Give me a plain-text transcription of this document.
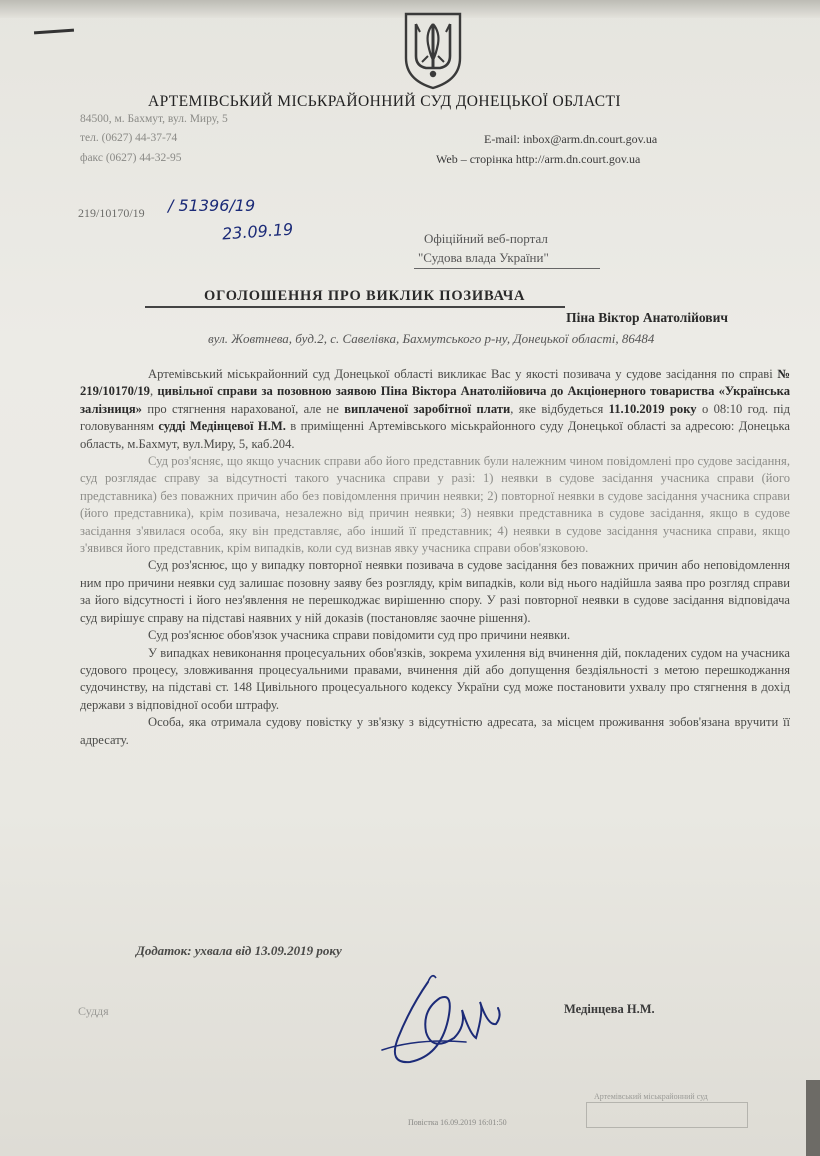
АРТЕМІВСЬКИЙ МІСЬКРАЙОННИЙ СУД ДОНЕЦЬКОЇ ОБЛАСТІ
84500, м. Бахмут, вул. Миру, 5
тел. (0627) 44-37-74
факс (0627) 44-32-95
E-mail: inbox@arm.dn.court.gov.ua
Web – сторінка http://arm.dn.court.gov.ua
219/10170/19 / 51396/19
23.09.19	Офіційний веб-портал
"Судова влада України"
ОГОЛОШЕННЯ ПРО ВИКЛИК ПОЗИВАЧА
Піна Віктор Анатолійович
вул. Жовтнева, буд.2, с. Савелівка, Бахмутського р-ну, Донецької області, 86484

Артемівський міськрайонний суд Донецької області викликає Вас у якості позивача у судове засідання по справі № 219/10170/19, цивільної справи за позовною заявою Піна Віктора Анатолійовича до Акціонерного товариства «Українська залізниця» про стягнення нарахованої, але не виплаченої заробітної плати, яке відбудеться 11.10.2019 року о 08:10 год. під головуванням судді Медінцевої Н.М. в приміщенні Артемівського міськрайонного суду Донецької області за адресою: Донецька область, м.Бахмут, вул.Миру, 5, каб.204.

Суд роз'ясняє, що якщо учасник справи або його представник були належним чином повідомлені про судове засідання, суд розглядає справу за відсутності такого учасника справи у разі: 1) неявки в судове засідання учасника справи (його представника) без поважних причин або без повідомлення причин неявки; 2) повторної неявки в судове засідання учасника справи (його представника), крім позивача, незалежно від причин неявки; 3) неявки представника в судове засідання, якщо в судове засідання з'явилася особа, яку він представляє, або інший її представник; 4) неявки в судове засідання учасника справи, якщо з'явився його представник, крім випадків, коли суд визнав явку учасника справи обов'язковою.

Суд роз'яснює, що у випадку повторної неявки позивача в судове засідання без поважних причин або неповідомлення ним про причини неявки суд залишає позовну заяву без розгляду, крім випадків, коли від нього надійшла заява про розгляд справи за його відсутності і його нез'явлення не перешкоджає вирішенню спору. У разі повторної неявки в судове засідання відповідача суд вирішує справу на підставі наявних у ній доказів (постановляє заочне рішення).

Суд роз'яснює обов'язок учасника справи повідомити суд про причини неявки.

У випадках невиконання процесуальних обов'язків, зокрема ухилення від вчинення дій, покладених судом на учасника судового процесу, зловживання процесуальними правами, вчинення дій або допущення бездіяльності з метою перешкоджання судочинству, на підставі ст. 148 Цивільного процесуального кодексу України суд може постановити ухвалу про стягнення в дохід держави з відповідної особи штрафу.

Особа, яка отримала судову повістку у зв'язку з відсутністю адресата, за місцем проживання зобов'язана вручити її адресату.

Додаток: ухвала від 13.09.2019 року
Суддя	Медінцева Н.М.
Артемівський міськрайонний суд
Повістка 16.09.2019 16:01:50
